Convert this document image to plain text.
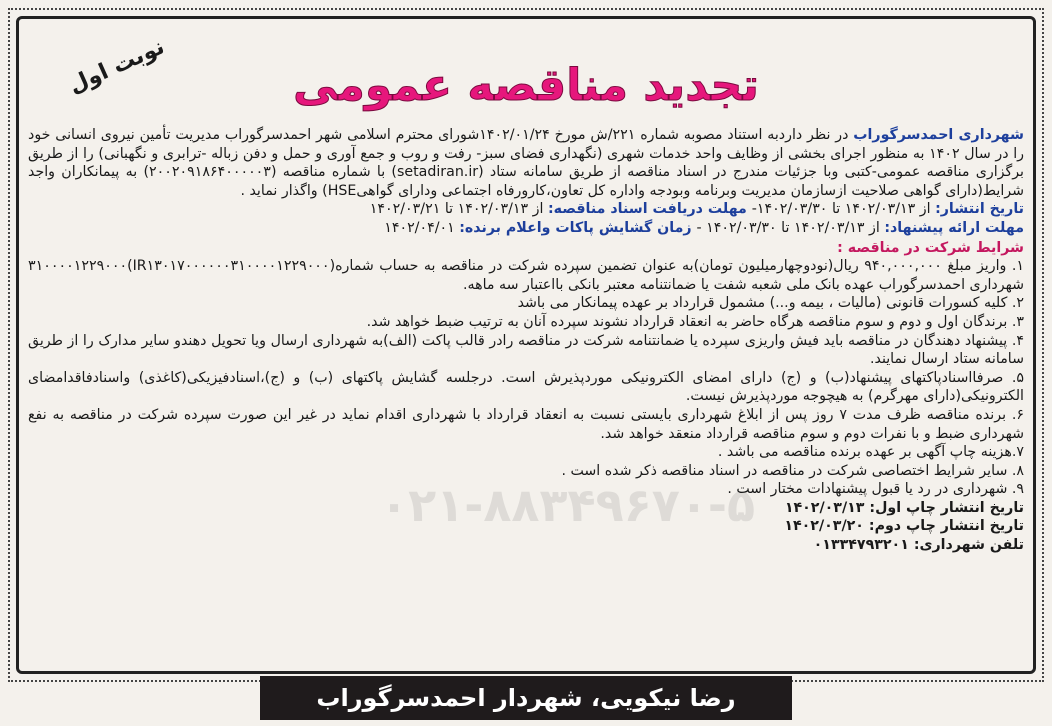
نوبت اول	تجدید مناقصه عمومی
۰۲۱-۸۸۳۴۹۶۷۰-۵

شهرداری احمدسرگوراب در نظر داردبه استناد مصوبه شماره ۲۲۱/ش مورخ ۱۴۰۲/۰۱/۲۴شورای محترم اسلامی شهر احمدسرگوراب مدیریت تأمین نیروی انسانی خود را در سال ۱۴۰۲ به منظور اجرای بخشی از وظایف واحد خدمات شهری (نگهداری فضای سبز- رفت و روب و جمع آوری و حمل و دفن زباله -ترابری و نگهبانی) را از طریق برگزاری مناقصه عمومی-کتبی وبا جزئیات مندرج در اسناد مناقصه از طریق سامانه ستاد (setadiran.ir) با شماره مناقصه (۲۰۰۲۰۹۱۸۶۴۰۰۰۰۰۳) به پیمانکاران واجد شرایط(دارای گواهی صلاحیت ازسازمان مدیریت وبرنامه وبودجه واداره کل تعاون،کارورفاه اجتماعی ودارای گواهیHSE) واگذار نماید .

تاریخ انتشار: از ۱۴۰۲/۰۳/۱۳ تا ۱۴۰۲/۰۳/۳۰- مهلت دریافت اسناد مناقصه: از ۱۴۰۲/۰۳/۱۳ تا ۱۴۰۲/۰۳/۲۱

مهلت ارائه پیشنهاد: از ۱۴۰۲/۰۳/۱۳ تا ۱۴۰۲/۰۳/۳۰ - زمان گشایش پاکات واعلام برنده: ۱۴۰۲/۰۴/۰۱

شرایط شرکت در مناقصه :

۱. واریز مبلغ ۹۴۰,۰۰۰,۰۰۰ ریال(نودوچهارمیلیون تومان)به عنوان تضمین سپرده شرکت در مناقصه به حساب شماره(IR۱۳۰۱۷۰۰۰۰۰۰۳۱۰۰۰۰۱۲۲۹۰۰۰)۳۱۰۰۰۰۱۲۲۹۰۰۰ شهرداری احمدسرگوراب عهده بانک ملی شعبه شفت یا ضمانتنامه معتبر بانکی بااعتبار سه ماهه.

۲. کلیه کسورات قانونی (مالیات ، بیمه و...) مشمول قرارداد بر عهده پیمانکار می باشد

۳. برندگان اول و دوم و سوم مناقصه هرگاه حاضر به انعقاد قرارداد نشوند سپرده آنان به ترتیب ضبط خواهد شد.

۴. پیشنهاد دهندگان در مناقصه باید فیش واریزی سپرده یا ضمانتنامه شرکت در مناقصه رادر قالب پاکت (الف)به شهرداری ارسال ویا تحویل دهندو سایر مدارک را از طریق سامانه ستاد ارسال نمایند.

۵. صرفااسنادپاکتهای پیشنهاد(ب) و (ج) دارای امضای الکترونیکی موردپذیرش است. درجلسه گشایش پاکتهای (ب) و (ج)،اسنادفیزیکی(کاغذی) واسنادفاقدامضای الکترونیکی(دارای مهرگرم) به هیچوجه موردپذیرش نیست.

۶. برنده مناقصه ظرف مدت ۷ روز پس از ابلاغ شهرداری بایستی نسبت به انعقاد قرارداد با شهرداری اقدام نماید در غیر این صورت سپرده شرکت در مناقصه به نفع شهرداری ضبط و با نفرات دوم و سوم مناقصه قرارداد منعقد خواهد شد.

۷.هزینه چاپ آگهی بر عهده برنده مناقصه می باشد .

۸. سایر شرایط اختصاصی شرکت در مناقصه در اسناد مناقصه ذکر شده است .

۹. شهرداری در رد یا قبول پیشنهادات مختار است .

تاریخ انتشار چاپ اول: ۱۴۰۲/۰۳/۱۳

تاریخ انتشار چاپ دوم: ۱۴۰۲/۰۳/۲۰

تلفن شهرداری: ۰۱۳۳۴۷۹۳۲۰۱

رضا نیکویی، شهردار احمدسرگوراب
